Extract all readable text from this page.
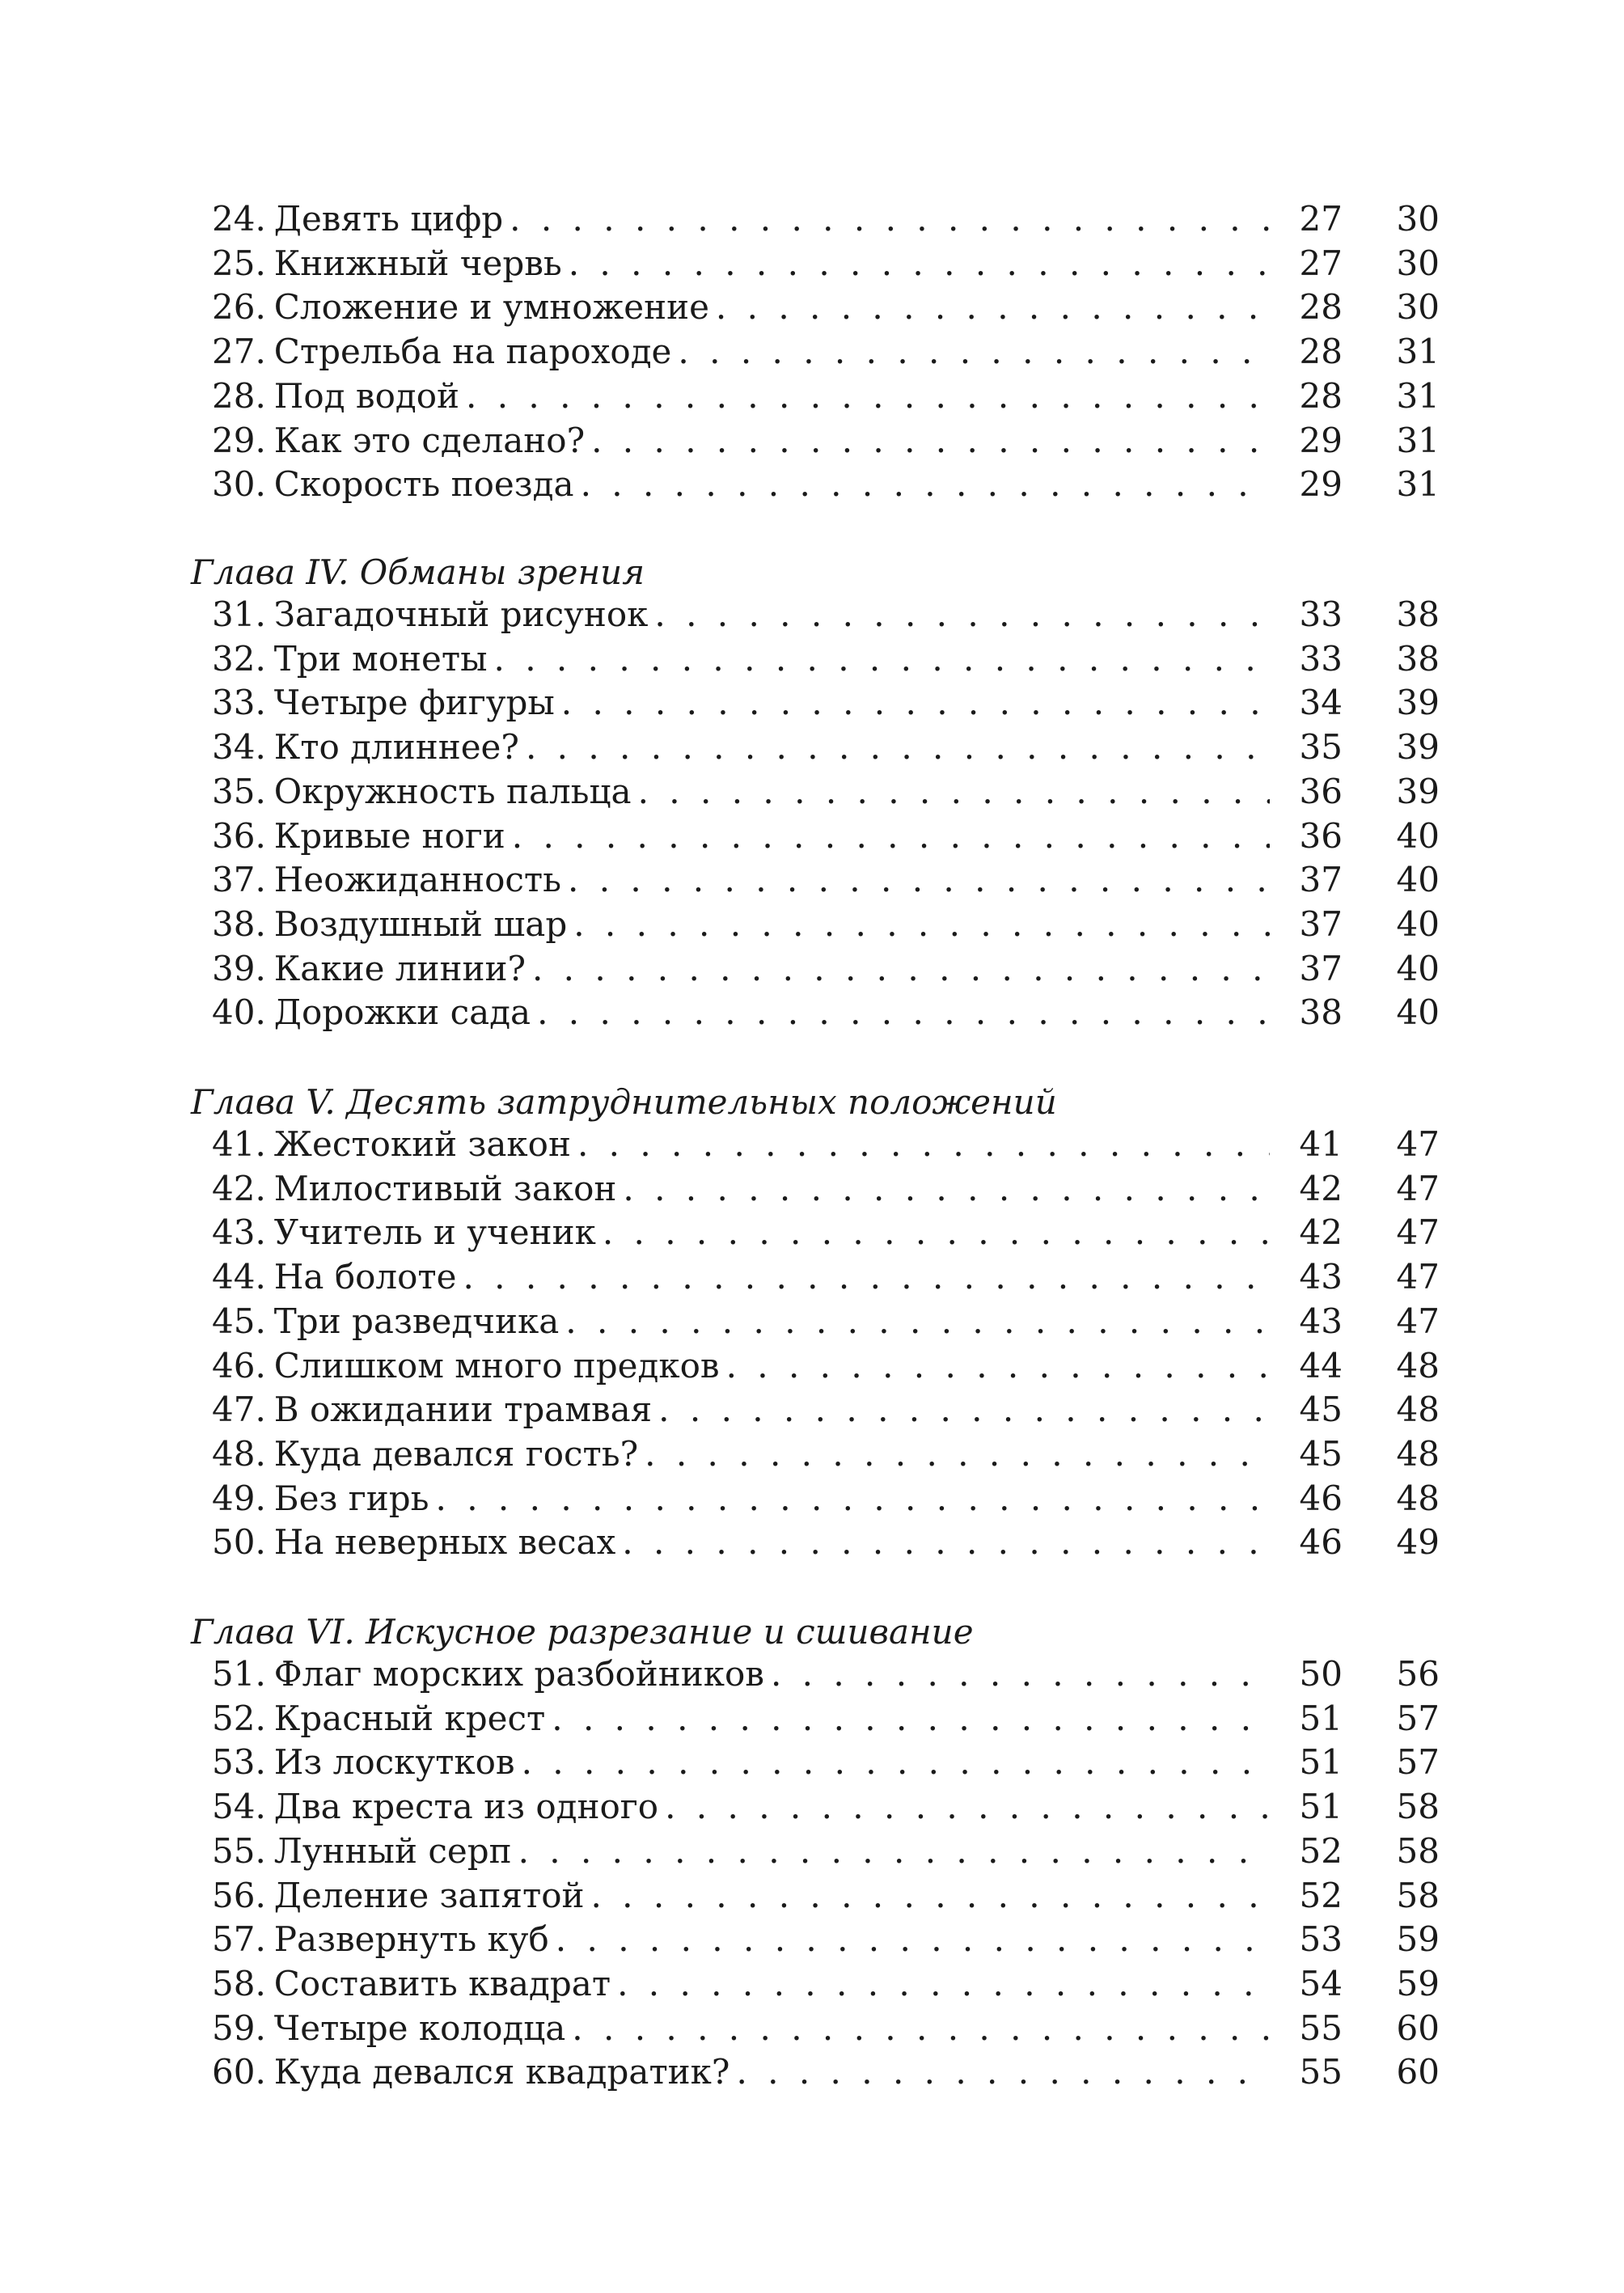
24. Девять цифр . . .	27	30
25. Книжный червь . . .	27	30
26. Сложение и умножение . . .	28	30
27. Стрельба на пароходе . . .	28	31
28. Под водой . . .	28	31
29. Как это сделано? . . .	29	31
30. Скорость поезда . . .	29	31
Глава IV. Обманы зрения
31. Загадочный рисунок . . .	33	38
32. Три монеты . . .	33	38
33. Четыре фигуры . . .	34	39
34. Кто длиннее? . . .	35	39
35. Окружность пальца . . .	36	39
36. Кривые ноги . . .	36	40
37. Неожиданность . . .	37	40
38. Воздушный шар . . .	37	40
39. Какие линии? . . .	37	40
40. Дорожки сада . . .	38	40
Глава V. Десять затруднительных положений
41. Жестокий закон . . .	41	47
42. Милостивый закон . . .	42	47
43. Учитель и ученик . . .	42	47
44. На болоте . . .	43	47
45. Три разведчика . . .	43	47
46. Слишком много предков . . .	44	48
47. В ожидании трамвая . . .	45	48
48. Куда девался гость? . . .	45	48
49. Без гирь . . .	46	48
50. На неверных весах . . .	46	49
Глава VI. Искусное разрезание и сшивание
51. Флаг морских разбойников . . .	50	56
52. Красный крест . . .	51	57
53. Из лоскутков . . .	51	57
54. Два креста из одного . . .	51	58
55. Лунный серп . . .	52	58
56. Деление запятой . . .	52	58
57. Развернуть куб . . .	53	59
58. Составить квадрат . . .	54	59
59. Четыре колодца . . .	55	60
60. Куда девался квадратик? . . .	55	60
